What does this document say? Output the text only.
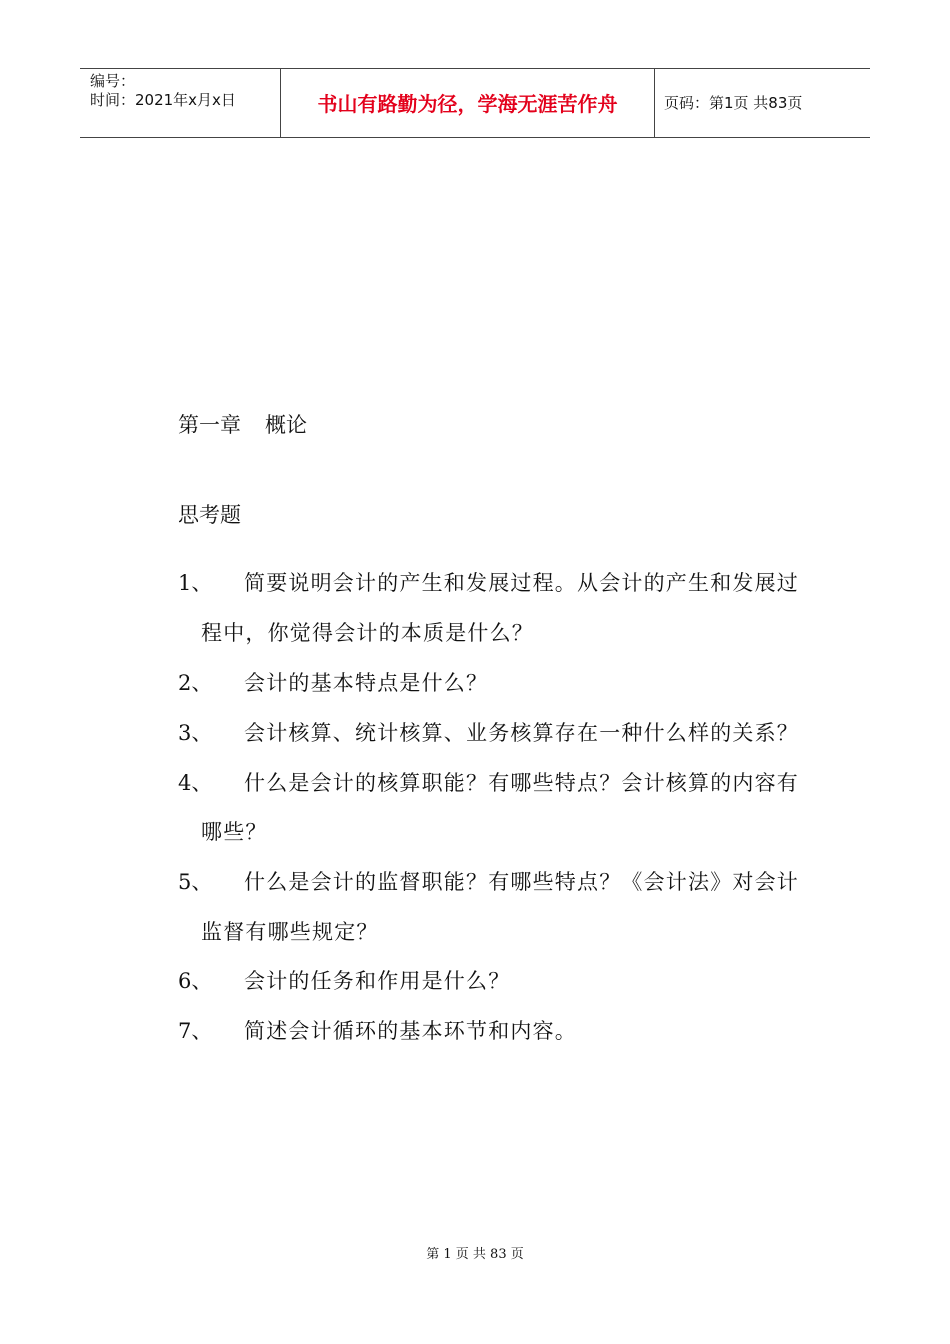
编号：
时间：2021年x月x日	书山有路勤为径，学海无涯苦作舟	页码：第1页 共83页
第一章 概论
思考题
1、 简要说明会计的产生和发展过程。从会计的产生和发展过
程中，你觉得会计的本质是什么？
2、 会计的基本特点是什么？
3、 会计核算、统计核算、业务核算存在一种什么样的关系？
4、 什么是会计的核算职能？有哪些特点？会计核算的内容有
哪些？
5、 什么是会计的监督职能？有哪些特点？《会计法》对会计
监督有哪些规定？
6、 会计的任务和作用是什么？
7、 简述会计循环的基本环节和内容。
第 1 页 共 83 页
